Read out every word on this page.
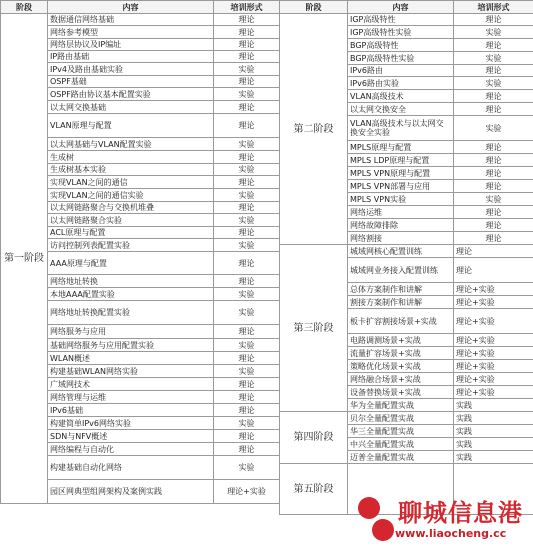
阶段	内容	培训形式
第一阶段	数据通信网络基础	理论
	网络参考模型	理论
	网络层协议及IP编址	理论
	IP路由基础	理论
	IPv4及路由基础实验	实验
	OSPF基础	理论
	OSPF路由协议基本配置实验	实验
	以太网交换基础	理论
	VLAN原理与配置	理论
	以太网基础与VLAN配置实验	实验
	生成树	理论
	生成树基本实验	实验
	实现VLAN之间的通信	理论
	实现VLAN之间的通信实验	实验
	以太网链路聚合与交换机堆叠	理论
	以太网链路聚合实验	实验
	ACL原理与配置	理论
	访问控制列表配置实验	实验
	AAA原理与配置	理论
	网络地址转换	理论
	本地AAA配置实验	实验
	网络地址转换配置实验	实验
	网络服务与应用	理论
	基础网络服务与应用配置实验	实验
	WLAN概述	理论
	构建基础WLAN网络实验	实验
	广域网技术	理论
	网络管理与运维	理论
	IPv6基础	理论
	构建简单IPv6网络实验	实验
	SDN与NFV概述	理论
	网络编程与自动化	理论
	构建基础自动化网络	实验
	园区网典型组网架构及案例实践	理论+实验
阶段	内容	培训形式
第二阶段	IGP高级特性	理论
	IGP高级特性实验	实验
	BGP高级特性	理论
	BGP高级特性实验	实验
	IPv6路由	理论
	IPv6路由实验	实验
	VLAN高级技术	理论
	以太网交换安全	理论
	VLAN高级技术与以太网交换安全实验	实验
	MPLS原理与配置	理论
	MPLS LDP原理与配置	理论
	MPLS VPN原理与配置	理论
	MPLS VPN部署与应用	理论
	MPLS VPN实验	实验
	网络运维	理论
	网络故障排除	理论
	网络割接	理论
第三阶段	城域网核心配置训练	理论
	城域网业务接入配置训练	理论
	总体方案制作和讲解	理论+实验
	割接方案制作和讲解	理论+实验
	板卡扩容割接场景+实战	理论+实验
	电路调测场景+实战	理论+实验
	流量扩容场景+实战	理论+实验
	策略优化场景+实战	理论+实验
	网络融合场景+实战	理论+实验
	设备替换场景+实战	理论+实验
	华为全量配置实战	实践
第四阶段	贝尔全量配置实战	实践
	华三全量配置实战	实践
	中兴全量配置实战	实践
	迈普全量配置实战	实践
第五阶段		
聊城信息港
www.liaocheng.cc
